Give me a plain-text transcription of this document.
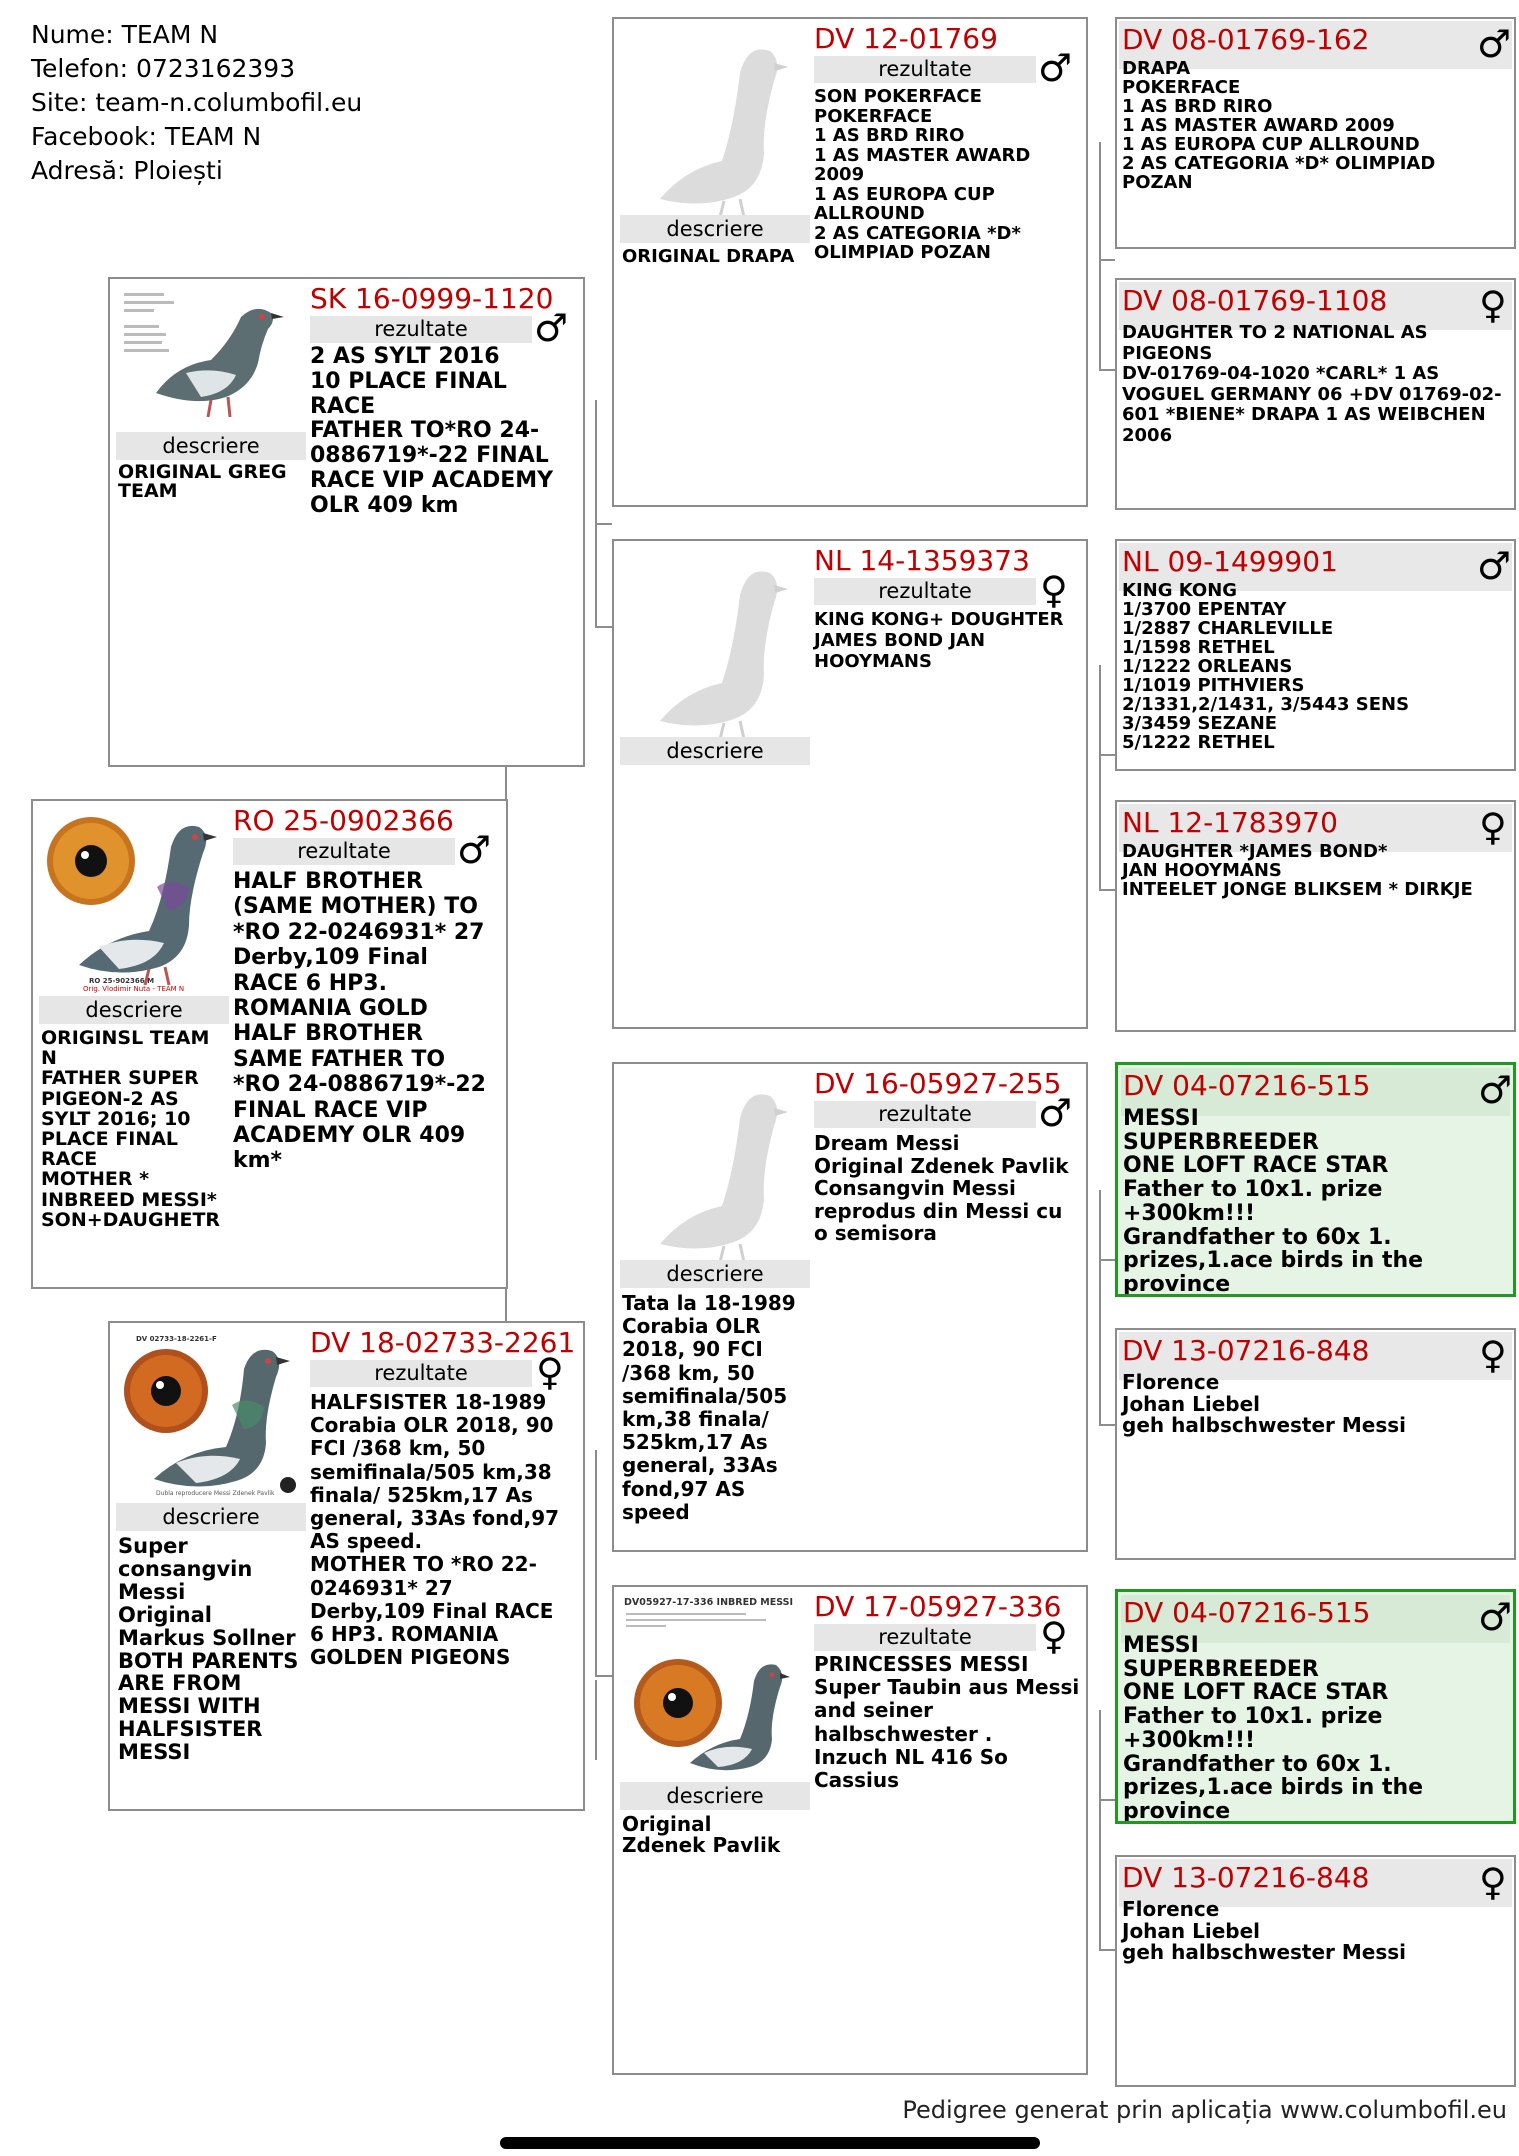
Nume: TEAM N
Telefon: 0723162393
Site: team-n.columbofil.eu
Facebook: TEAM N
Adresă: Ploiești
descriere
ORIGINAL GREG TEAM
SK 16-0999-1120
rezultate	♂
2 AS SYLT 2016
10 PLACE FINAL RACE
FATHER TO*RO 24-0886719*-22 FINAL RACE VIP ACADEMY OLR 409 km
RO 25-902366 M
Orig. Vlodimir Nuta - TEAM N
descriere
ORIGINSL TEAM N
FATHER SUPER PIGEON-2 AS SYLT 2016; 10 PLACE FINAL RACE
MOTHER * INBREED MESSI* SON+DAUGHETR
RO 25-0902366
rezultate	♂
HALF BROTHER (SAME MOTHER) TO *RO 22-0246931* 27 Derby,109 Final RACE 6 HP3. ROMANIA GOLD HALF BROTHER SAME FATHER TO *RO 24-0886719*-22 FINAL RACE VIP ACADEMY OLR 409 km*
DV 02733-18-2261-F
Dubla reproducere Messi Zdenek Pavlik
descriere
Super consangvin Messi
Original Markus Sollner
BOTH PARENTS ARE FROM MESSI WITH HALFSISTER MESSI
DV 18-02733-2261
rezultate	♀
HALFSISTER 18-1989 Corabia OLR 2018, 90 FCI /368 km, 50 semifinala/505 km,38 finala/ 525km,17 As general, 33As fond,97 AS speed.
MOTHER TO *RO 22-0246931* 27 Derby,109 Final RACE 6 HP3. ROMANIA GOLDEN PIGEONS
descriere
ORIGINAL DRAPA
DV 12-01769
rezultate	♂
SON POKERFACE
POKERFACE
1 AS BRD RIRO
1 AS MASTER AWARD 2009
1 AS EUROPA CUP ALLROUND
2 AS CATEGORIA *D* OLIMPIAD POZAN
descriere
NL 14-1359373
rezultate	♀
KING KONG+ DOUGHTER JAMES BOND JAN HOOYMANS
descriere
Tata la 18-1989 Corabia OLR 2018, 90 FCI /368 km, 50 semifinala/505 km,38 finala/ 525km,17 As general, 33As fond,97 AS speed
DV 16-05927-255
rezultate	♂
Dream Messi
Original Zdenek Pavlik
Consangvin Messi reprodus din Messi cu o semisora
DV05927-17-336 INBRED MESSI
descriere
Original
Zdenek Pavlik
DV 17-05927-336
rezultate	♀
PRINCESSES MESSI
Super Taubin aus Messi and seiner halbschwester .
Inzuch NL 416 So Cassius
DV 08-01769-162	♂
DRAPA
POKERFACE
1 AS BRD RIRO
1 AS MASTER AWARD 2009
1 AS EUROPA CUP ALLROUND
2 AS CATEGORIA *D* OLIMPIAD POZAN
DV 08-01769-1108 ♀
DAUGHTER TO 2 NATIONAL AS PIGEONS
DV-01769-04-1020 *CARL* 1 AS VOGUEL GERMANY 06 +DV 01769-02-601 *BIENE* DRAPA 1 AS WEIBCHEN 2006
NL 09-1499901	♂
KING KONG
1/3700 EPENTAY
1/2887 CHARLEVILLE
1/1598 RETHEL
1/1222 ORLEANS
1/1019 PITHVIERS
2/1331,2/1431, 3/5443 SENS
3/3459 SEZANE
5/1222 RETHEL
NL 12-1783970	♀
DAUGHTER *JAMES BOND*
JAN HOOYMANS
INTEELET JONGE BLIKSEM * DIRKJE
DV 04-07216-515	♂
MESSI
SUPERBREEDER
ONE LOFT RACE STAR
Father to 10x1. prize +300km!!!
Grandfather to 60x 1. prizes,1.ace birds in the province
DV 13-07216-848	♀
Florence
Johan Liebel
geh halbschwester Messi
DV 04-07216-515	♂
MESSI
SUPERBREEDER
ONE LOFT RACE STAR
Father to 10x1. prize +300km!!!
Grandfather to 60x 1. prizes,1.ace birds in the province
DV 13-07216-848	♀
Florence
Johan Liebel
geh halbschwester Messi
Pedigree generat prin aplicația www.columbofil.eu
